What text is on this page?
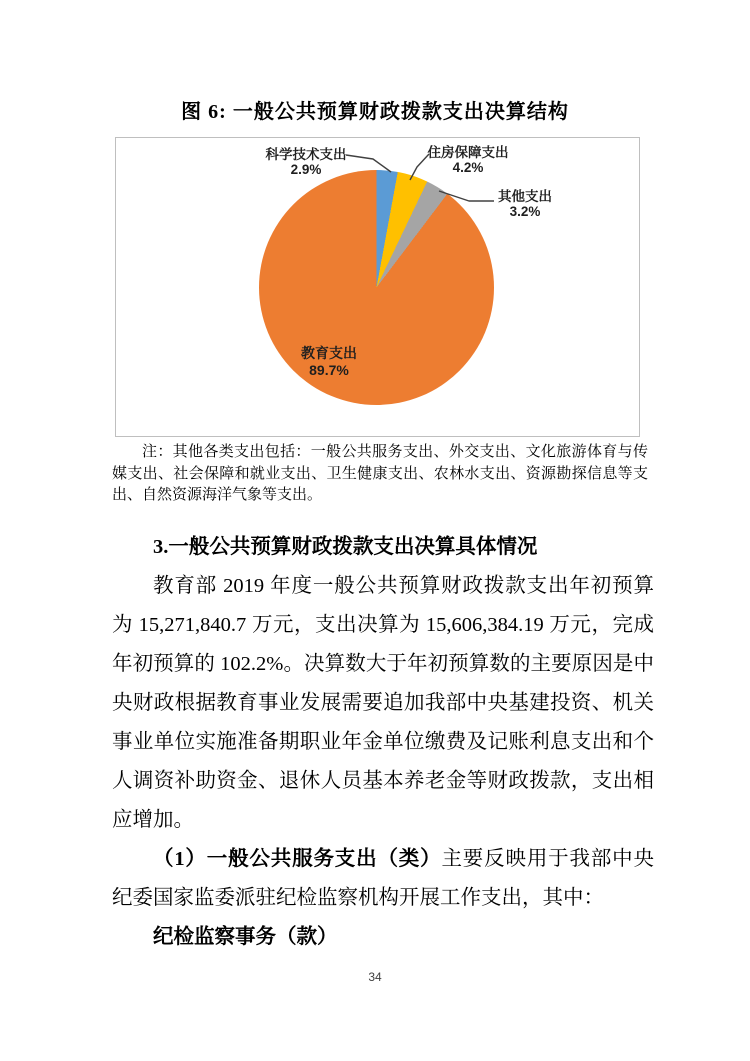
图 6: 一般公共预算财政拨款支出决算结构
科学技术支出
2.9%
住房保障支出
4.2%
其他支出
3.2%
教育支出
89.7%

注：其他各类支出包括：一般公共服务支出、外交支出、文化旅游体育与传媒支出、社会保障和就业支出、卫生健康支出、农林水支出、资源勘探信息等支出、自然资源海洋气象等支出。

3.一般公共预算财政拨款支出决算具体情况

教育部 2019 年度一般公共预算财政拨款支出年初预算为 15,271,840.7 万元，支出决算为 15,606,384.19 万元，完成年初预算的 102.2%。决算数大于年初预算数的主要原因是中央财政根据教育事业发展需要追加我部中央基建投资、机关事业单位实施准备期职业年金单位缴费及记账利息支出和个人调资补助资金、退休人员基本养老金等财政拨款，支出相应增加。

（1）一般公共服务支出（类）主要反映用于我部中央纪委国家监委派驻纪检监察机构开展工作支出，其中：

纪检监察事务（款）

34
